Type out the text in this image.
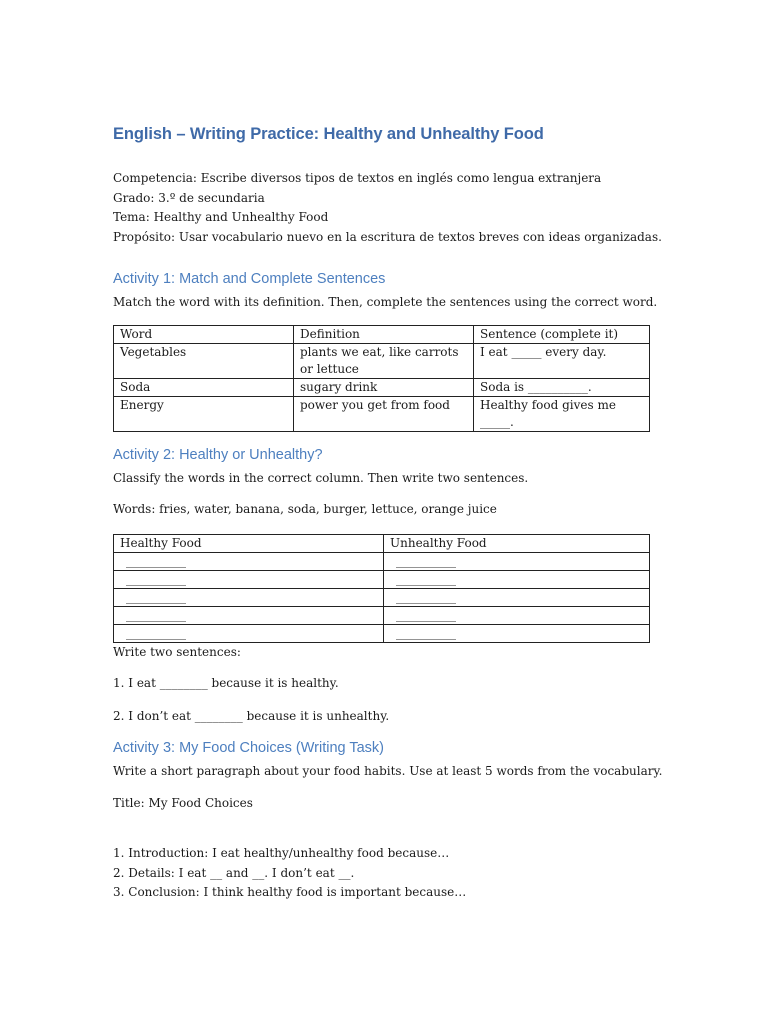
English – Writing Practice: Healthy and Unhealthy Food
Competencia: Escribe diversos tipos de textos en inglés como lengua extranjera
Grado: 3.º de secundaria
Tema: Healthy and Unhealthy Food
Propósito: Usar vocabulario nuevo en la escritura de textos breves con ideas organizadas.
Activity 1: Match and Complete Sentences
Match the word with its definition. Then, complete the sentences using the correct word.
Word	Definition	Sentence (complete it)
Vegetables	plants we eat, like carrots or lettuce	I eat _____ every day.
Soda	sugary drink	Soda is __________.
Energy	power you get from food	Healthy food gives me _____.
Activity 2: Healthy or Unhealthy?
Classify the words in the correct column. Then write two sentences.
Words: fries, water, banana, soda, burger, lettuce, orange juice
Healthy Food	Unhealthy Food
__________	__________
__________	__________
__________	__________
__________	__________
__________	__________
Write two sentences:
1. I eat ________ because it is healthy.
2. I don’t eat ________ because it is unhealthy.
Activity 3: My Food Choices (Writing Task)
Write a short paragraph about your food habits. Use at least 5 words from the vocabulary.
Title: My Food Choices
1. Introduction: I eat healthy/unhealthy food because…
2. Details: I eat __ and __. I don’t eat __.
3. Conclusion: I think healthy food is important because…
